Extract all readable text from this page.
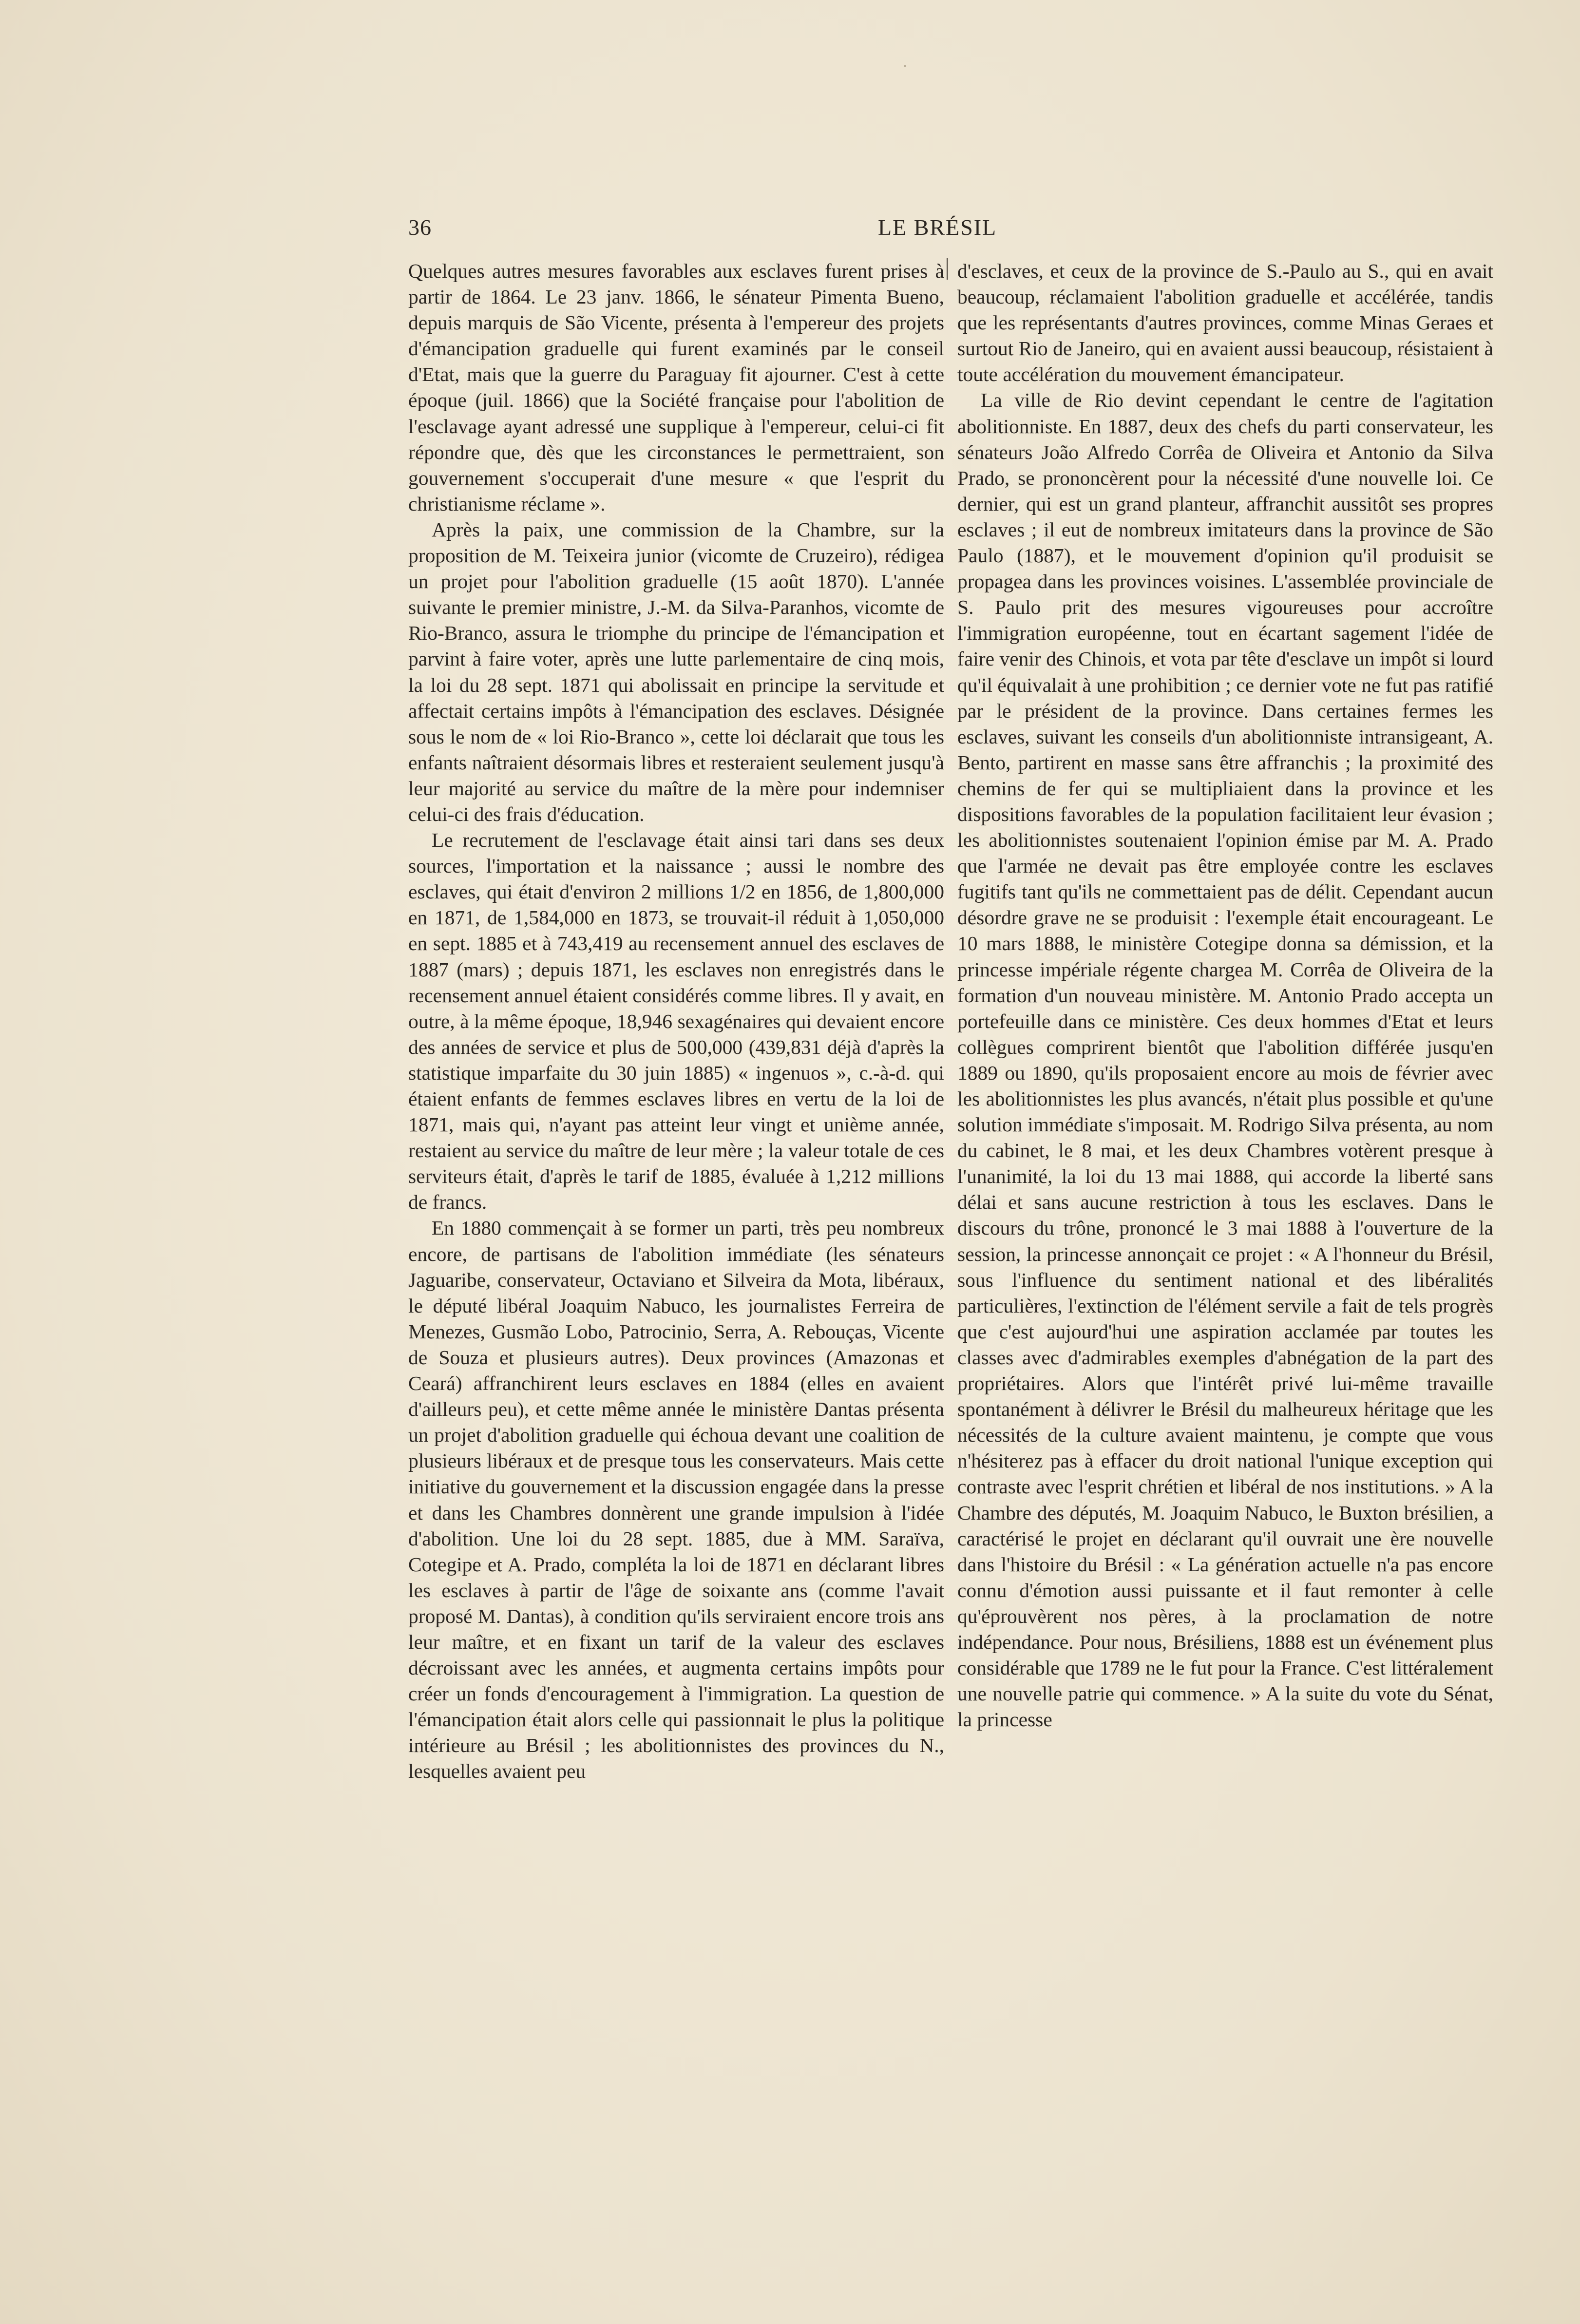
36	LE BRÉSIL

Quelques autres mesures favorables aux esclaves furent prises à partir de 1864. Le 23 janv. 1866, le sénateur Pimenta Bueno, depuis marquis de São Vicente, présenta à l'empereur des projets d'émancipation graduelle qui furent examinés par le conseil d'Etat, mais que la guerre du Paraguay fit ajourner. C'est à cette époque (juil. 1866) que la Société française pour l'abolition de l'esclavage ayant adressé une supplique à l'empereur, celui-ci fit répondre que, dès que les circonstances le permettraient, son gouvernement s'occuperait d'une mesure « que l'esprit du christianisme réclame ».

Après la paix, une commission de la Chambre, sur la proposition de M. Teixeira junior (vicomte de Cruzeiro), rédigea un projet pour l'abolition graduelle (15 août 1870). L'année suivante le premier ministre, J.-M. da Silva-Paranhos, vicomte de Rio-Branco, assura le triomphe du principe de l'émancipation et parvint à faire voter, après une lutte parlementaire de cinq mois, la loi du 28 sept. 1871 qui abolissait en principe la servitude et affectait certains impôts à l'émancipation des esclaves. Désignée sous le nom de « loi Rio-Branco », cette loi déclarait que tous les enfants naîtraient désormais libres et resteraient seulement jusqu'à leur majorité au service du maître de la mère pour indemniser celui-ci des frais d'éducation.

Le recrutement de l'esclavage était ainsi tari dans ses deux sources, l'importation et la naissance ; aussi le nombre des esclaves, qui était d'environ 2 millions 1/2 en 1856, de 1,800,000 en 1871, de 1,584,000 en 1873, se trouvait-il réduit à 1,050,000 en sept. 1885 et à 743,419 au recensement annuel des esclaves de 1887 (mars) ; depuis 1871, les esclaves non enregistrés dans le recensement annuel étaient considérés comme libres. Il y avait, en outre, à la même époque, 18,946 sexagénaires qui devaient encore des années de service et plus de 500,000 (439,831 déjà d'après la statistique imparfaite du 30 juin 1885) « ingenuos », c.-à-d. qui étaient enfants de femmes esclaves libres en vertu de la loi de 1871, mais qui, n'ayant pas atteint leur vingt et unième année, restaient au service du maître de leur mère ; la valeur totale de ces serviteurs était, d'après le tarif de 1885, évaluée à 1,212 millions de francs.

En 1880 commençait à se former un parti, très peu nombreux encore, de partisans de l'abolition immédiate (les sénateurs Jaguaribe, conservateur, Octaviano et Silveira da Mota, libéraux, le député libéral Joaquim Nabuco, les journalistes Ferreira de Menezes, Gusmão Lobo, Patrocinio, Serra, A. Rebouças, Vicente de Souza et plusieurs autres). Deux provinces (Amazonas et Ceará) affranchirent leurs esclaves en 1884 (elles en avaient d'ailleurs peu), et cette même année le ministère Dantas présenta un projet d'abolition graduelle qui échoua devant une coalition de plusieurs libéraux et de presque tous les conservateurs. Mais cette initiative du gouvernement et la discussion engagée dans la presse et dans les Chambres donnèrent une grande impulsion à l'idée d'abolition. Une loi du 28 sept. 1885, due à MM. Saraïva, Cotegipe et A. Prado, compléta la loi de 1871 en déclarant libres les esclaves à partir de l'âge de soixante ans (comme l'avait proposé M. Dantas), à condition qu'ils serviraient encore trois ans leur maître, et en fixant un tarif de la valeur des esclaves décroissant avec les années, et augmenta certains impôts pour créer un fonds d'encouragement à l'immigration. La question de l'émancipation était alors celle qui passionnait le plus la politique intérieure au Brésil ; les abolitionnistes des provinces du N., lesquelles avaient peu

d'esclaves, et ceux de la province de S.-Paulo au S., qui en avait beaucoup, réclamaient l'abolition graduelle et accélérée, tandis que les représentants d'autres provinces, comme Minas Geraes et surtout Rio de Janeiro, qui en avaient aussi beaucoup, résistaient à toute accélération du mouvement émancipateur.

La ville de Rio devint cependant le centre de l'agitation abolitionniste. En 1887, deux des chefs du parti conservateur, les sénateurs João Alfredo Corrêa de Oliveira et Antonio da Silva Prado, se prononcèrent pour la nécessité d'une nouvelle loi. Ce dernier, qui est un grand planteur, affranchit aussitôt ses propres esclaves ; il eut de nombreux imitateurs dans la province de São Paulo (1887), et le mouvement d'opinion qu'il produisit se propagea dans les provinces voisines. L'assemblée provinciale de S. Paulo prit des mesures vigoureuses pour accroître l'immigration européenne, tout en écartant sagement l'idée de faire venir des Chinois, et vota par tête d'esclave un impôt si lourd qu'il équivalait à une prohibition ; ce dernier vote ne fut pas ratifié par le président de la province. Dans certaines fermes les esclaves, suivant les conseils d'un abolitionniste intransigeant, A. Bento, partirent en masse sans être affranchis ; la proximité des chemins de fer qui se multipliaient dans la province et les dispositions favorables de la population facilitaient leur évasion ; les abolitionnistes soutenaient l'opinion émise par M. A. Prado que l'armée ne devait pas être employée contre les esclaves fugitifs tant qu'ils ne commettaient pas de délit. Cependant aucun désordre grave ne se produisit : l'exemple était encourageant. Le 10 mars 1888, le ministère Cotegipe donna sa démission, et la princesse impériale régente chargea M. Corrêa de Oliveira de la formation d'un nouveau ministère. M. Antonio Prado accepta un portefeuille dans ce ministère. Ces deux hommes d'Etat et leurs collègues comprirent bientôt que l'abolition différée jusqu'en 1889 ou 1890, qu'ils proposaient encore au mois de février avec les abolitionnistes les plus avancés, n'était plus possible et qu'une solution immédiate s'imposait. M. Rodrigo Silva présenta, au nom du cabinet, le 8 mai, et les deux Chambres votèrent presque à l'unanimité, la loi du 13 mai 1888, qui accorde la liberté sans délai et sans aucune restriction à tous les esclaves. Dans le discours du trône, prononcé le 3 mai 1888 à l'ouverture de la session, la princesse annonçait ce projet : « A l'honneur du Brésil, sous l'influence du sentiment national et des libéralités particulières, l'extinction de l'élément servile a fait de tels progrès que c'est aujourd'hui une aspiration acclamée par toutes les classes avec d'admirables exemples d'abnégation de la part des propriétaires. Alors que l'intérêt privé lui-même travaille spontanément à délivrer le Brésil du malheureux héritage que les nécessités de la culture avaient maintenu, je compte que vous n'hésiterez pas à effacer du droit national l'unique exception qui contraste avec l'esprit chrétien et libéral de nos institutions. » A la Chambre des députés, M. Joaquim Nabuco, le Buxton brésilien, a caractérisé le projet en déclarant qu'il ouvrait une ère nouvelle dans l'histoire du Brésil : « La génération actuelle n'a pas encore connu d'émotion aussi puissante et il faut remonter à celle qu'éprouvèrent nos pères, à la proclamation de notre indépendance. Pour nous, Brésiliens, 1888 est un événement plus considérable que 1789 ne le fut pour la France. C'est littéralement une nouvelle patrie qui commence. » A la suite du vote du Sénat, la princesse
